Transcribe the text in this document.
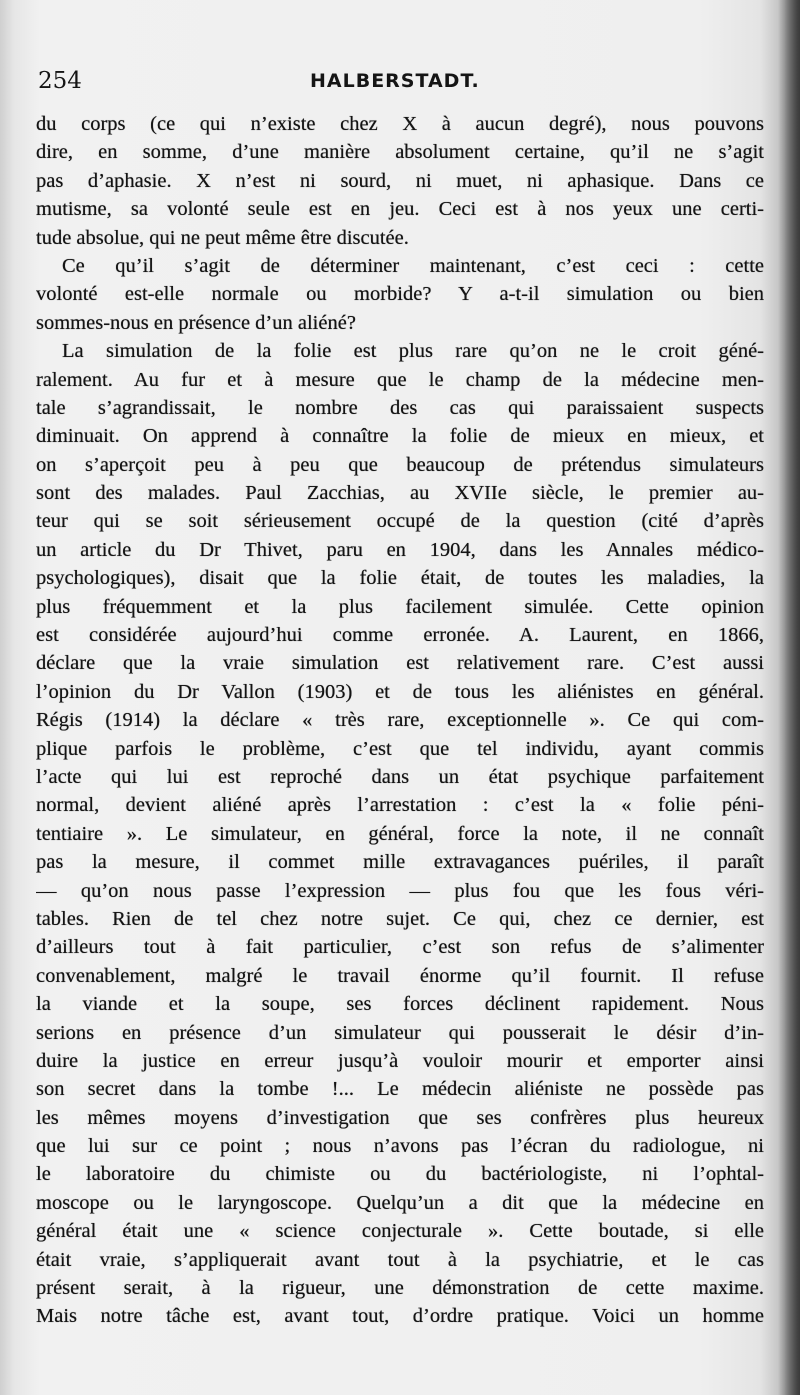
254	HALBERSTADT.
du corps (ce qui n’existe chez X à aucun degré), nous pouvons
dire, en somme, d’une manière absolument certaine, qu’il ne s’agit
pas d’aphasie. X n’est ni sourd, ni muet, ni aphasique. Dans ce
mutisme, sa volonté seule est en jeu. Ceci est à nos yeux une certi-
tude absolue, qui ne peut même être discutée.
Ce qu’il s’agit de déterminer maintenant, c’est ceci : cette
volonté est-elle normale ou morbide? Y a-t-il simulation ou bien
sommes-nous en présence d’un aliéné?
La simulation de la folie est plus rare qu’on ne le croit géné-
ralement. Au fur et à mesure que le champ de la médecine men-
tale s’agrandissait, le nombre des cas qui paraissaient suspects
diminuait. On apprend à connaître la folie de mieux en mieux, et
on s’aperçoit peu à peu que beaucoup de prétendus simulateurs
sont des malades. Paul Zacchias, au XVIIe siècle, le premier au-
teur qui se soit sérieusement occupé de la question (cité d’après
un article du Dr Thivet, paru en 1904, dans les Annales médico-
psychologiques), disait que la folie était, de toutes les maladies, la
plus fréquemment et la plus facilement simulée. Cette opinion
est considérée aujourd’hui comme erronée. A. Laurent, en 1866,
déclare que la vraie simulation est relativement rare. C’est aussi
l’opinion du Dr Vallon (1903) et de tous les aliénistes en général.
Régis (1914) la déclare « très rare, exceptionnelle ». Ce qui com-
plique parfois le problème, c’est que tel individu, ayant commis
l’acte qui lui est reproché dans un état psychique parfaitement
normal, devient aliéné après l’arrestation : c’est la « folie péni-
tentiaire ». Le simulateur, en général, force la note, il ne connaît
pas la mesure, il commet mille extravagances puériles, il paraît
— qu’on nous passe l’expression — plus fou que les fous véri-
tables. Rien de tel chez notre sujet. Ce qui, chez ce dernier, est
d’ailleurs tout à fait particulier, c’est son refus de s’alimenter
convenablement, malgré le travail énorme qu’il fournit. Il refuse
la viande et la soupe, ses forces déclinent rapidement. Nous
serions en présence d’un simulateur qui pousserait le désir d’in-
duire la justice en erreur jusqu’à vouloir mourir et emporter ainsi
son secret dans la tombe !... Le médecin aliéniste ne possède pas
les mêmes moyens d’investigation que ses confrères plus heureux
que lui sur ce point ; nous n’avons pas l’écran du radiologue, ni
le laboratoire du chimiste ou du bactériologiste, ni l’ophtal-
moscope ou le laryngoscope. Quelqu’un a dit que la médecine en
général était une « science conjecturale ». Cette boutade, si elle
était vraie, s’appliquerait avant tout à la psychiatrie, et le cas
présent serait, à la rigueur, une démonstration de cette maxime.
Mais notre tâche est, avant tout, d’ordre pratique. Voici un homme
